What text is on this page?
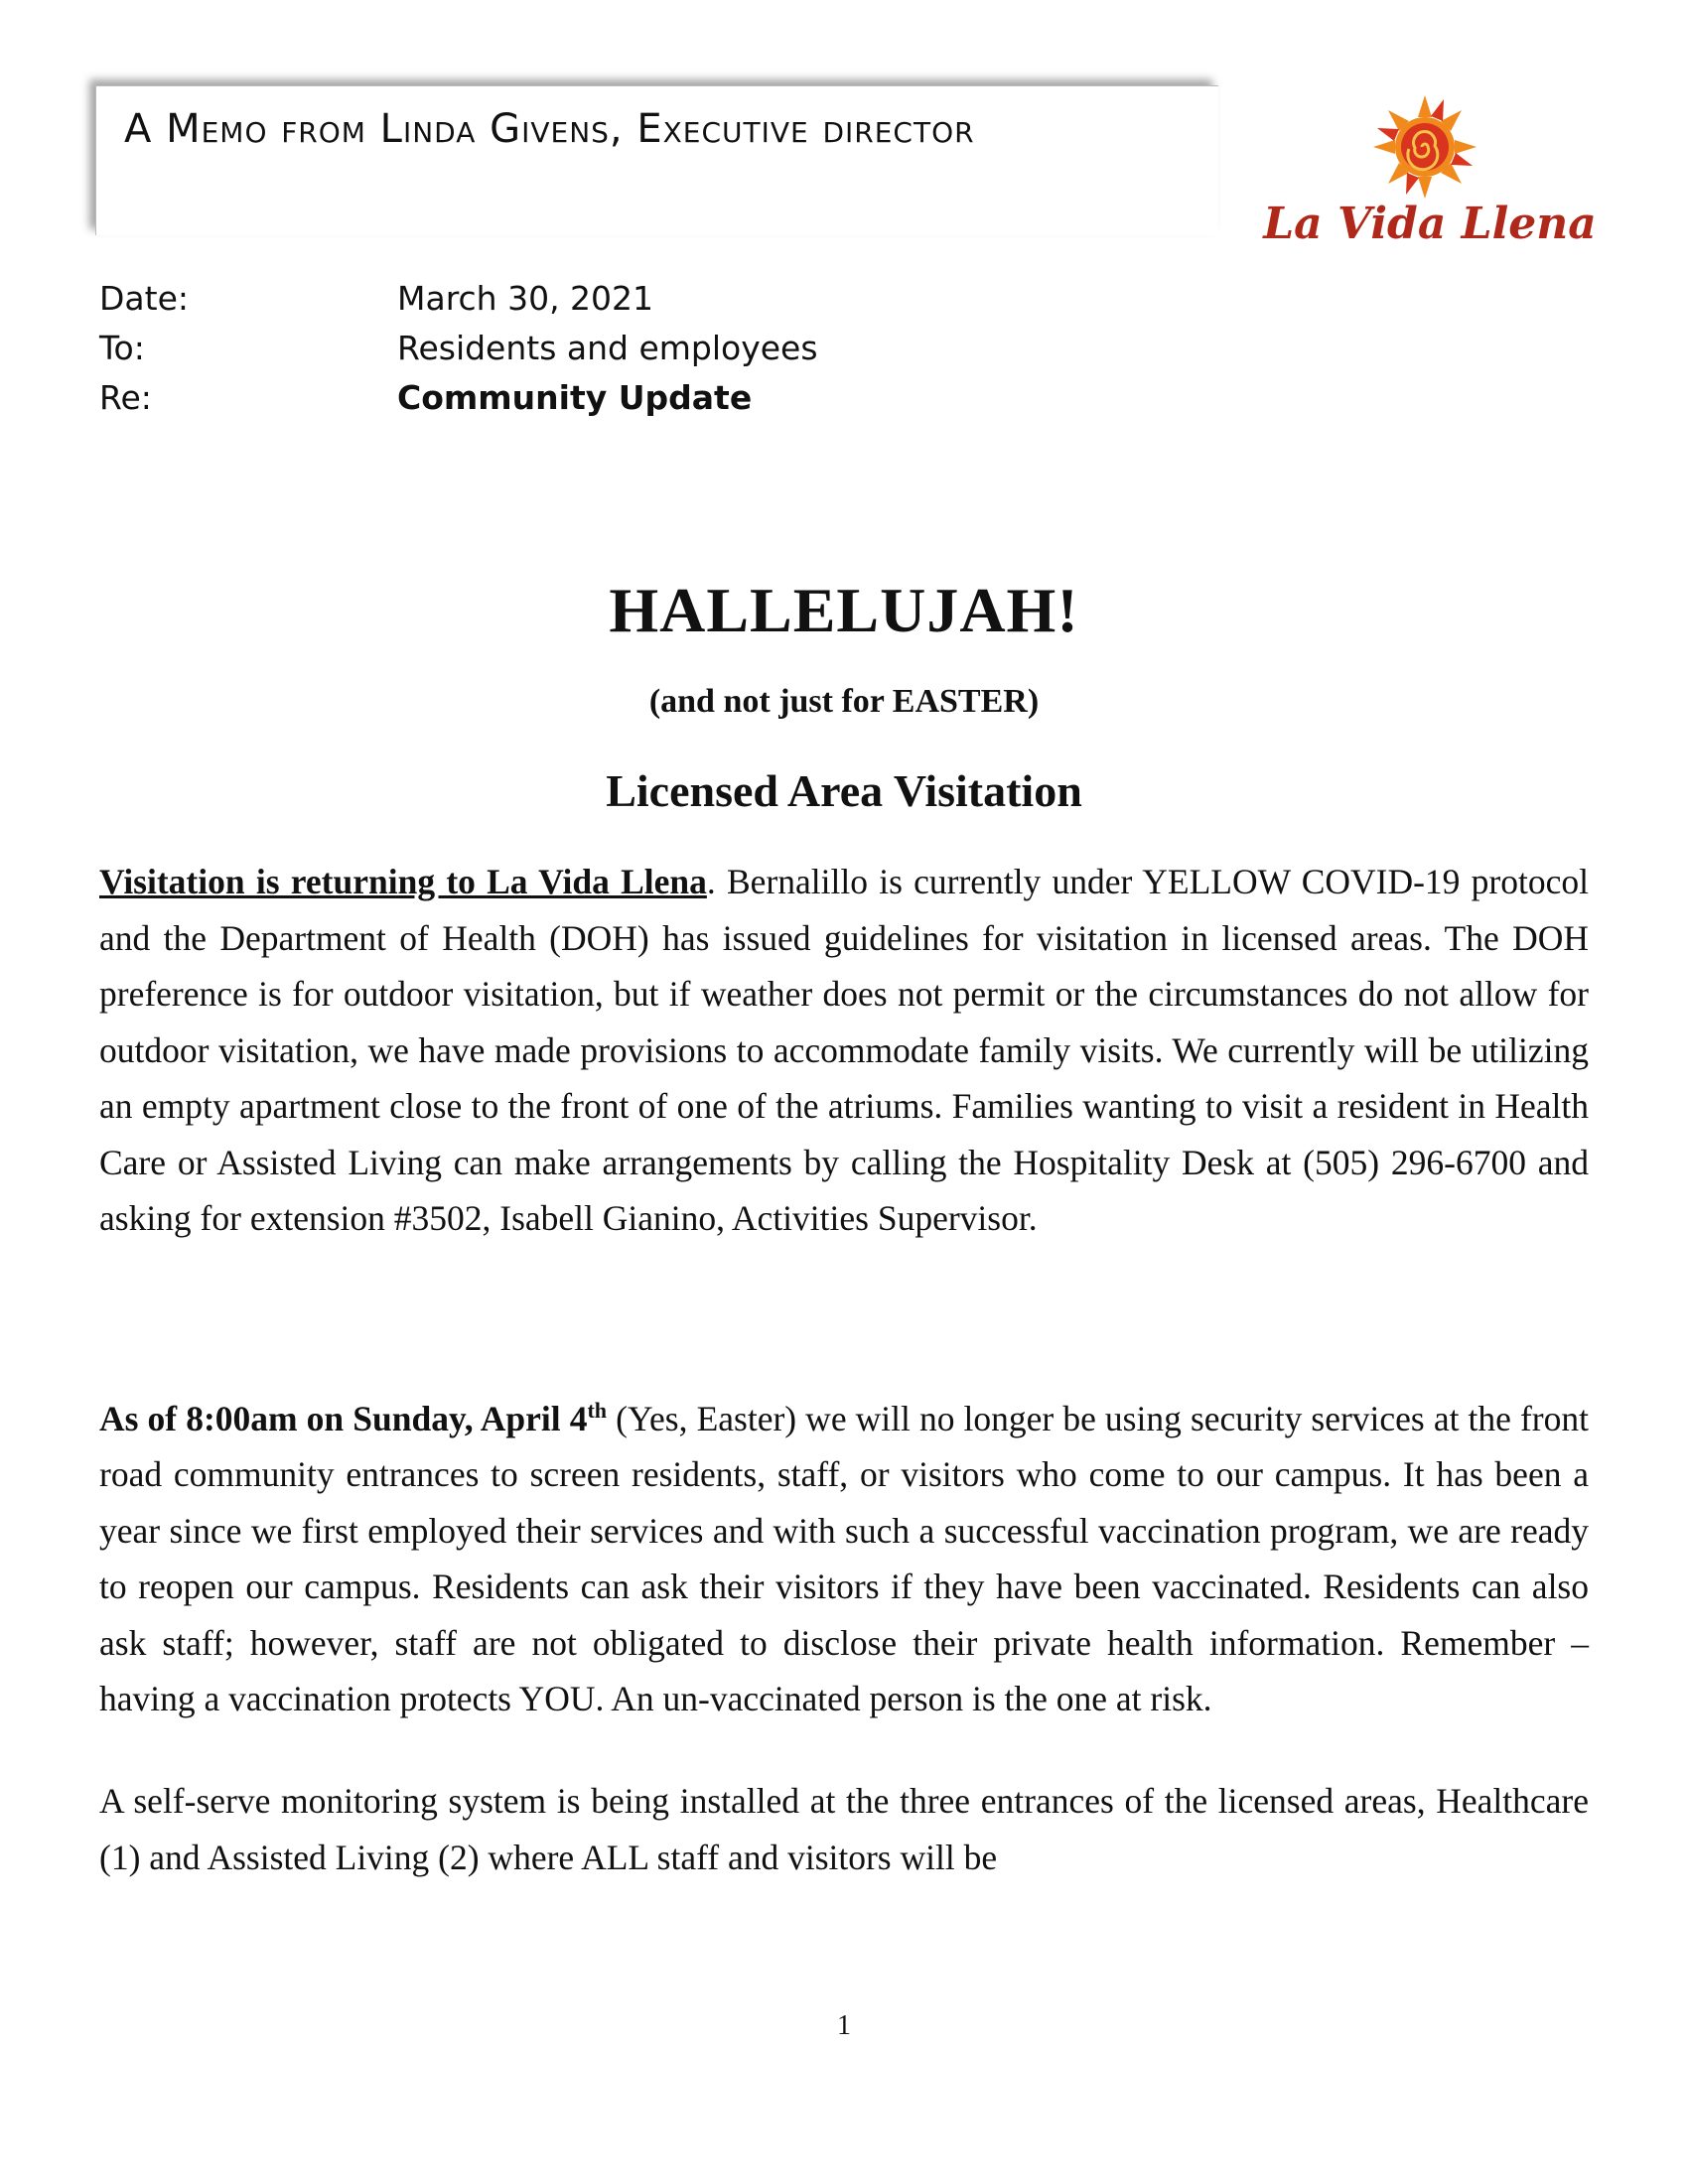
A Memo from Linda Givens, Executive director
La Vida Llena
Date:	March 30, 2021
To:	Residents and employees
Re:	Community Update
HALLELUJAH!
(and not just for EASTER)
Licensed Area Visitation
Visitation is returning to La Vida Llena. Bernalillo is currently under YELLOW COVID-19 protocol and the Department of Health (DOH) has issued guidelines for visitation in licensed areas. The DOH preference is for outdoor visitation, but if weather does not permit or the circumstances do not allow for outdoor visitation, we have made provisions to accommodate family visits. We currently will be utilizing an empty apartment close to the front of one of the atriums. Families wanting to visit a resident in Health Care or Assisted Living can make arrangements by calling the Hospitality Desk at (505) 296-6700 and asking for extension #3502, Isabell Gianino, Activities Supervisor.
As of 8:00am on Sunday, April 4th (Yes, Easter) we will no longer be using security services at the front road community entrances to screen residents, staff, or visitors who come to our campus. It has been a year since we first employed their services and with such a successful vaccination program, we are ready to reopen our campus. Residents can ask their visitors if they have been vaccinated. Residents can also ask staff; however, staff are not obligated to disclose their private health information. Remember – having a vaccination protects YOU. An un-vaccinated person is the one at risk.
A self-serve monitoring system is being installed at the three entrances of the licensed areas, Healthcare (1) and Assisted Living (2) where ALL staff and visitors will be
1
